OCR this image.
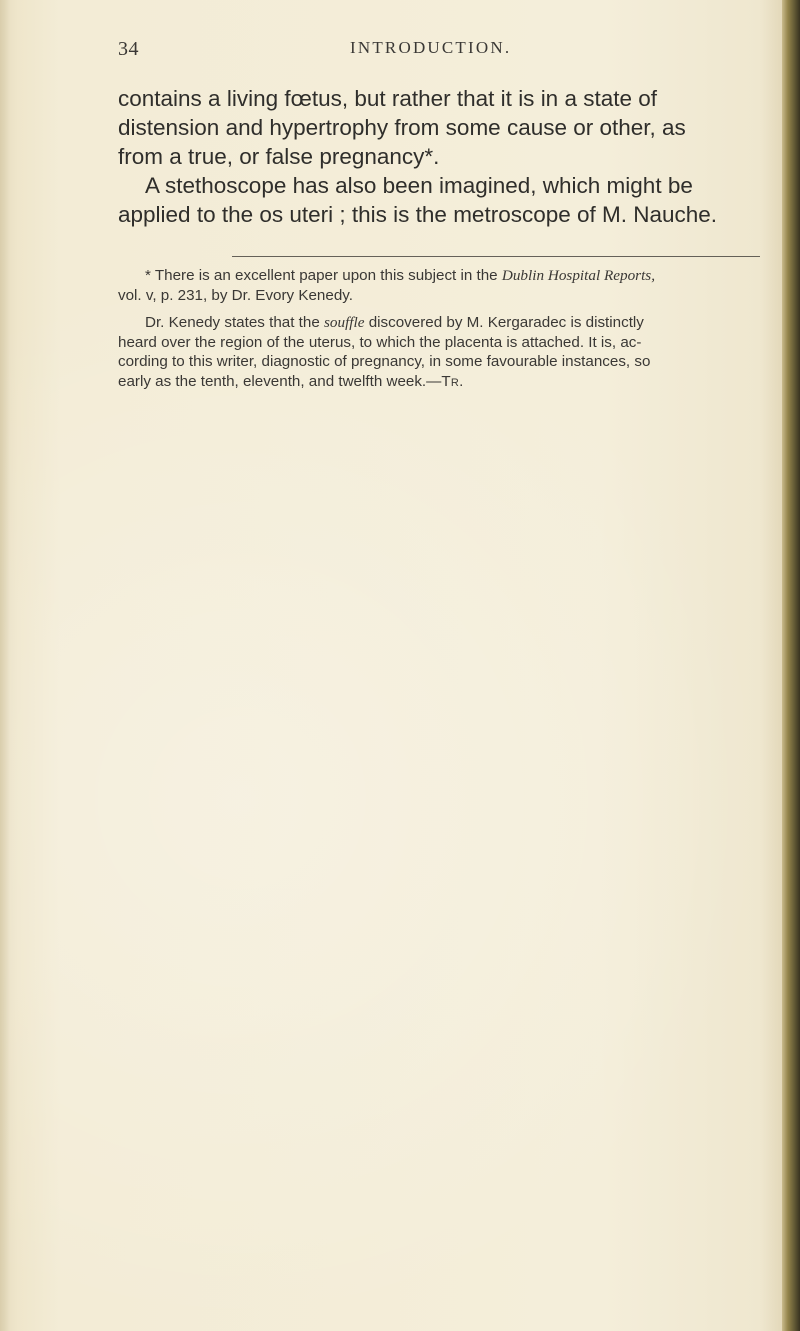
34	INTRODUCTION.
contains a living fœtus, but rather that it is in a state of
distension and hypertrophy from some cause or other, as
from a true, or false pregnancy*.
A stethoscope has also been imagined, which might be
applied to the os uteri ; this is the metroscope of M. Nauche.
* There is an excellent paper upon this subject in the Dublin Hospital Reports,
vol. v, p. 231, by Dr. Evory Kenedy.
Dr. Kenedy states that the souffle discovered by M. Kergaradec is distinctly
heard over the region of the uterus, to which the placenta is attached. It is, ac-
cording to this writer, diagnostic of pregnancy, in some favourable instances, so
early as the tenth, eleventh, and twelfth week.—Tr.
